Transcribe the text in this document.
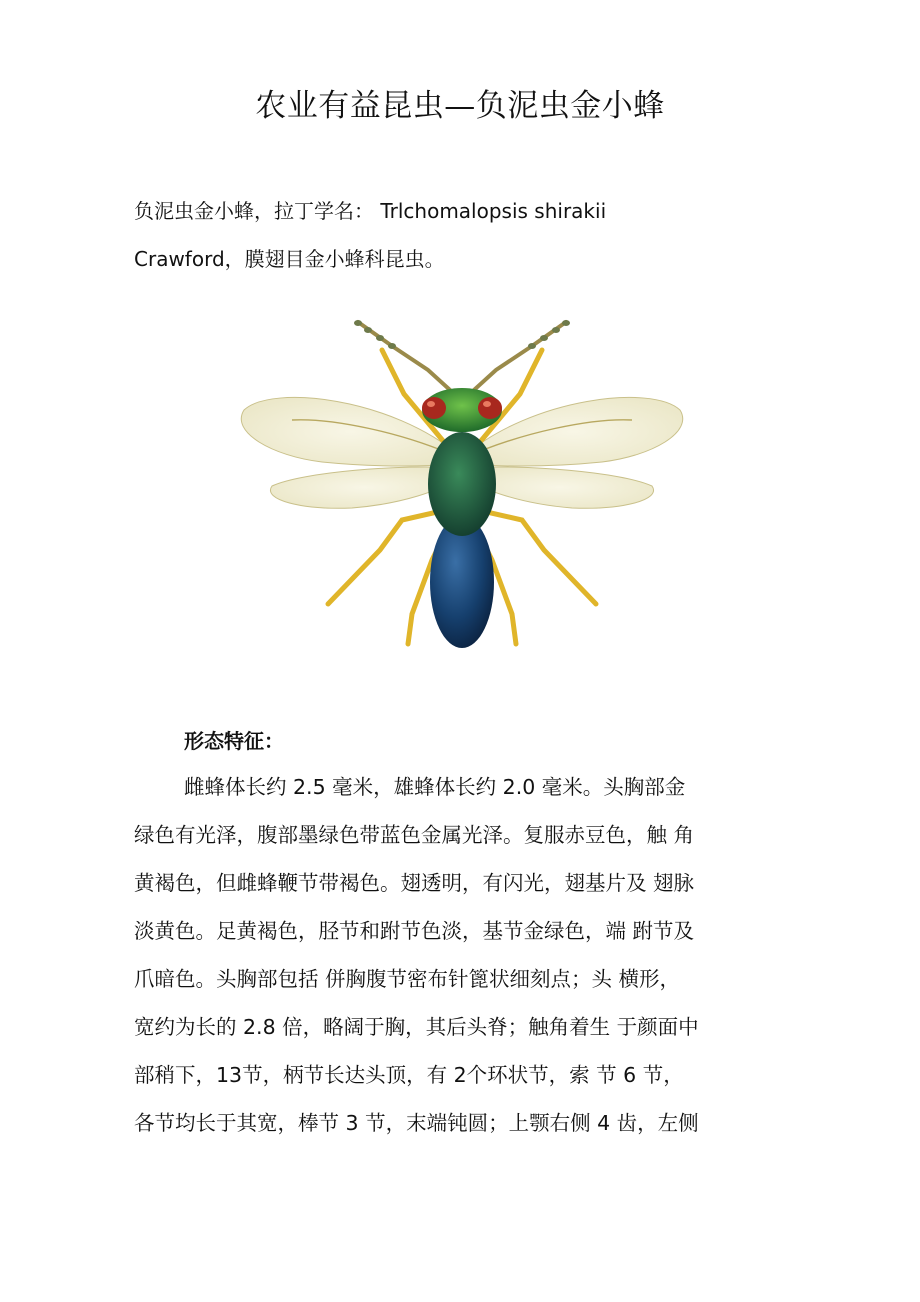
农业有益昆虫—负泥虫金小蜂

负泥虫金小蜂，拉丁学名： Trlchomalopsis shirakii

Crawford，膜翅目金小蜂科昆虫。

形态特征：

雌蜂体长约 2.5 毫米，雄蜂体长约 2.0 毫米。头胸部金

绿色有光泽，腹部墨绿色带蓝色金属光泽。复服赤豆色，触 角

黄褐色，但雌蜂鞭节带褐色。翅透明，有闪光，翅基片及 翅脉

淡黄色。足黄褐色，胫节和跗节色淡，基节金绿色，端 跗节及

爪暗色。头胸部包括 併胸腹节密布针篦状细刻点；头 横形，

宽约为长的 2.8 倍，略阔于胸，其后头脊；触角着生 于颜面中

部稍下，13节，柄节长达头顶，有 2个环状节，索 节 6 节，

各节均长于其宽，棒节 3 节，末端钝圆；上颚右侧 4 齿，左侧
